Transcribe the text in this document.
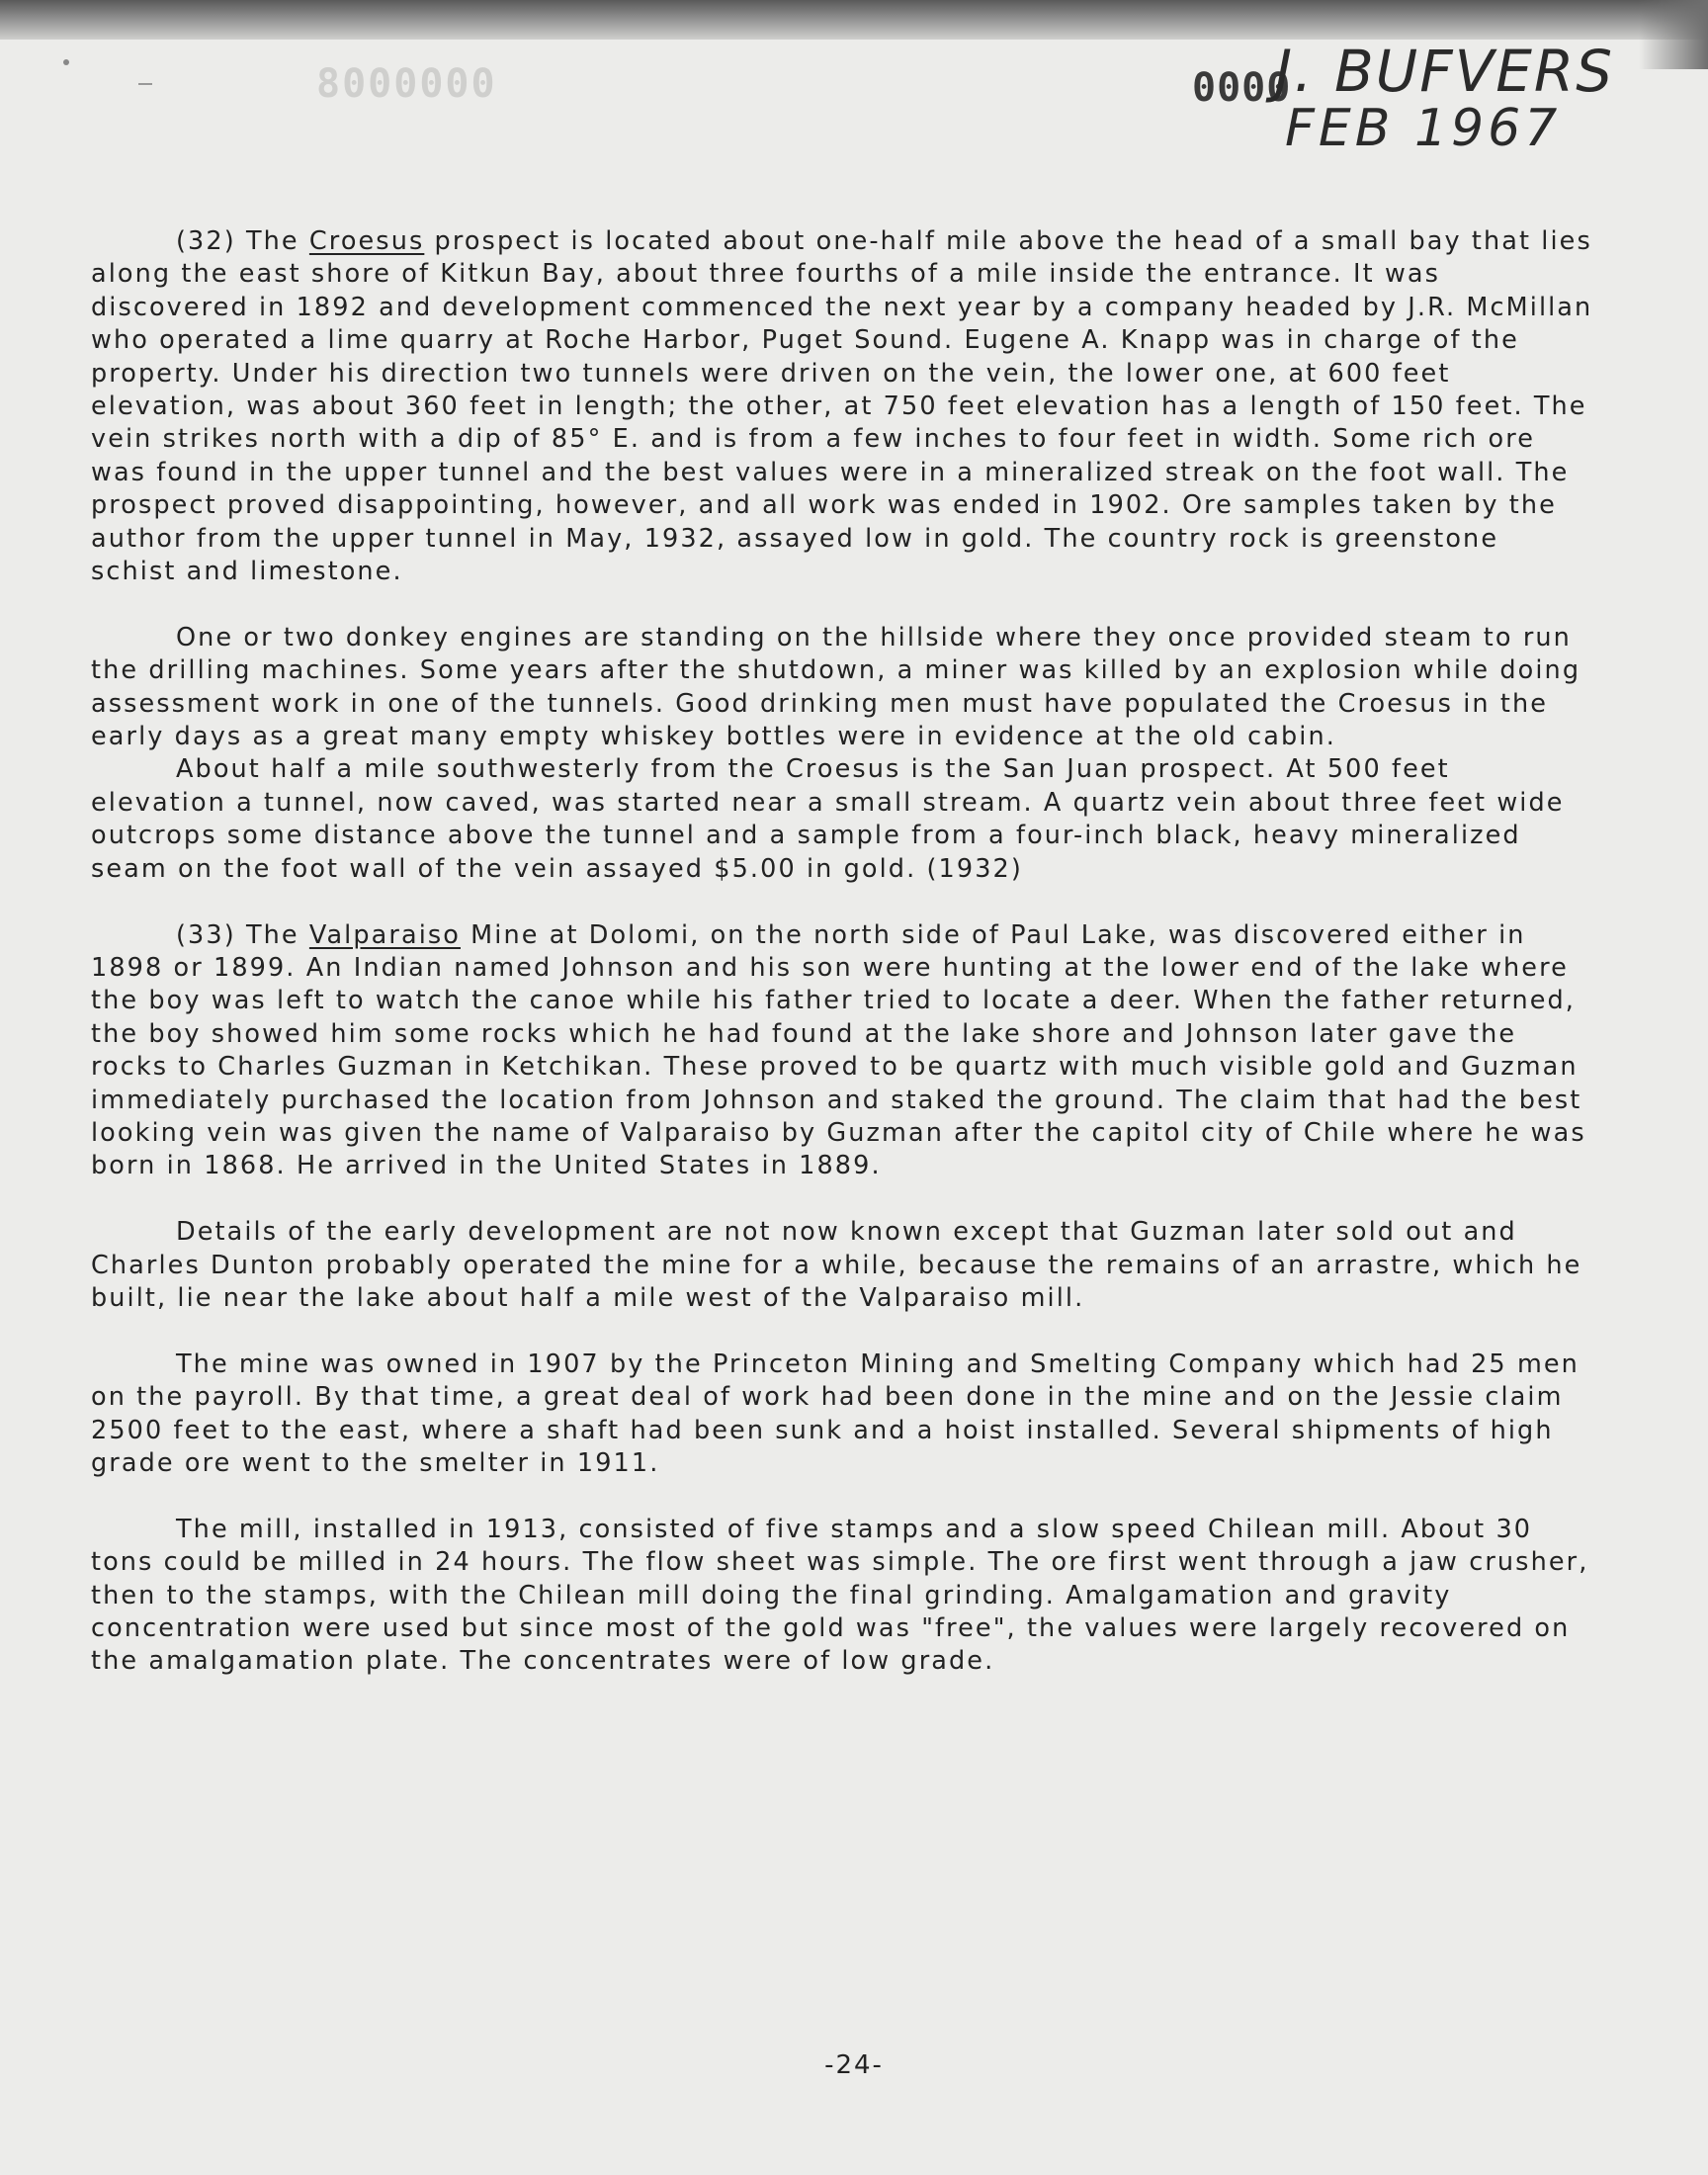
8000000	0000
J. BUFVERS
FEB 1967

(32) The Croesus prospect is located about one-half mile above the head of a small bay that lies along the east shore of Kitkun Bay, about three fourths of a mile inside the entrance. It was discovered in 1892 and development commenced the next year by a company headed by J.R. McMillan who operated a lime quarry at Roche Harbor, Puget Sound. Eugene A. Knapp was in charge of the property. Under his direction two tunnels were driven on the vein, the lower one, at 600 feet elevation, was about 360 feet in length; the other, at 750 feet elevation has a length of 150 feet. The vein strikes north with a dip of 85° E. and is from a few inches to four feet in width. Some rich ore was found in the upper tunnel and the best values were in a mineralized streak on the foot wall. The prospect proved disappointing, however, and all work was ended in 1902. Ore samples taken by the author from the upper tunnel in May, 1932, assayed low in gold. The country rock is greenstone schist and limestone.

One or two donkey engines are standing on the hillside where they once provided steam to run the drilling machines. Some years after the shutdown, a miner was killed by an explosion while doing assessment work in one of the tunnels. Good drinking men must have populated the Croesus in the early days as a great many empty whiskey bottles were in evidence at the old cabin.

About half a mile southwesterly from the Croesus is the San Juan prospect. At 500 feet elevation a tunnel, now caved, was started near a small stream. A quartz vein about three feet wide outcrops some distance above the tunnel and a sample from a four-inch black, heavy mineralized seam on the foot wall of the vein assayed $5.00 in gold. (1932)

(33) The Valparaiso Mine at Dolomi, on the north side of Paul Lake, was discovered either in 1898 or 1899. An Indian named Johnson and his son were hunting at the lower end of the lake where the boy was left to watch the canoe while his father tried to locate a deer. When the father returned, the boy showed him some rocks which he had found at the lake shore and Johnson later gave the rocks to Charles Guzman in Ketchikan. These proved to be quartz with much visible gold and Guzman immediately purchased the location from Johnson and staked the ground. The claim that had the best looking vein was given the name of Valparaiso by Guzman after the capitol city of Chile where he was born in 1868. He arrived in the United States in 1889.

Details of the early development are not now known except that Guzman later sold out and Charles Dunton probably operated the mine for a while, because the remains of an arrastre, which he built, lie near the lake about half a mile west of the Valparaiso mill.

The mine was owned in 1907 by the Princeton Mining and Smelting Company which had 25 men on the payroll. By that time, a great deal of work had been done in the mine and on the Jessie claim 2500 feet to the east, where a shaft had been sunk and a hoist installed. Several shipments of high grade ore went to the smelter in 1911.

The mill, installed in 1913, consisted of five stamps and a slow speed Chilean mill. About 30 tons could be milled in 24 hours. The flow sheet was simple. The ore first went through a jaw crusher, then to the stamps, with the Chilean mill doing the final grinding. Amalgamation and gravity concentration were used but since most of the gold was "free", the values were largely recovered on the amalgamation plate. The concentrates were of low grade.

-24-
